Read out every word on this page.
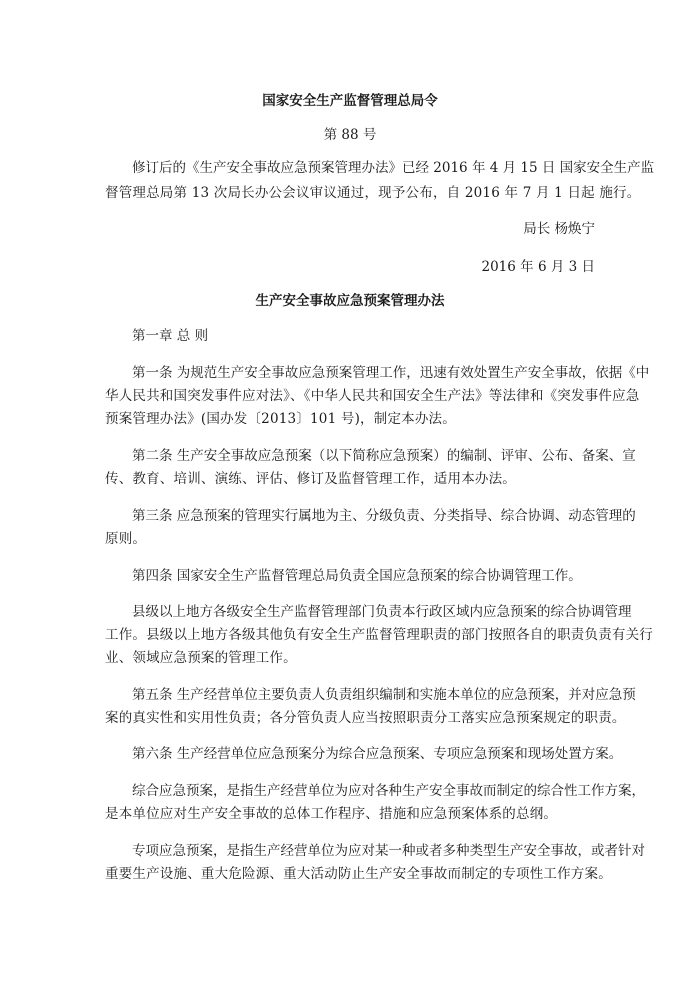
国家安全生产监督管理总局令
第 88 号
修订后的《生产安全事故应急预案管理办法》已经 2016 年 4 月 15 日 国家安全生产监
督管理总局第 13 次局长办公会议审议通过，现予公布，自 2016 年 7 月 1 日起 施行。
局长 杨焕宁
2016 年 6 月 3 日
生产安全事故应急预案管理办法
第一章 总 则
第一条 为规范生产安全事故应急预案管理工作，迅速有效处置生产安全事故，依据《中
华人民共和国突发事件应对法》、《中华人民共和国安全生产法》等法律和《突发事件应急
预案管理办法》(国办发〔2013〕101 号)，制定本办法。
第二条 生产安全事故应急预案（以下简称应急预案）的编制、评审、公布、备案、宣
传、教育、培训、演练、评估、修订及监督管理工作，适用本办法。
第三条 应急预案的管理实行属地为主、分级负责、分类指导、综合协调、动态管理的
原则。
第四条 国家安全生产监督管理总局负责全国应急预案的综合协调管理工作。
县级以上地方各级安全生产监督管理部门负责本行政区域内应急预案的综合协调管理
工作。县级以上地方各级其他负有安全生产监督管理职责的部门按照各自的职责负责有关行
业、领域应急预案的管理工作。
第五条 生产经营单位主要负责人负责组织编制和实施本单位的应急预案，并对应急预
案的真实性和实用性负责；各分管负责人应当按照职责分工落实应急预案规定的职责。
第六条 生产经营单位应急预案分为综合应急预案、专项应急预案和现场处置方案。
综合应急预案，是指生产经营单位为应对各种生产安全事故而制定的综合性工作方案，
是本单位应对生产安全事故的总体工作程序、措施和应急预案体系的总纲。
专项应急预案，是指生产经营单位为应对某一种或者多种类型生产安全事故，或者针对
重要生产设施、重大危险源、重大活动防止生产安全事故而制定的专项性工作方案。
